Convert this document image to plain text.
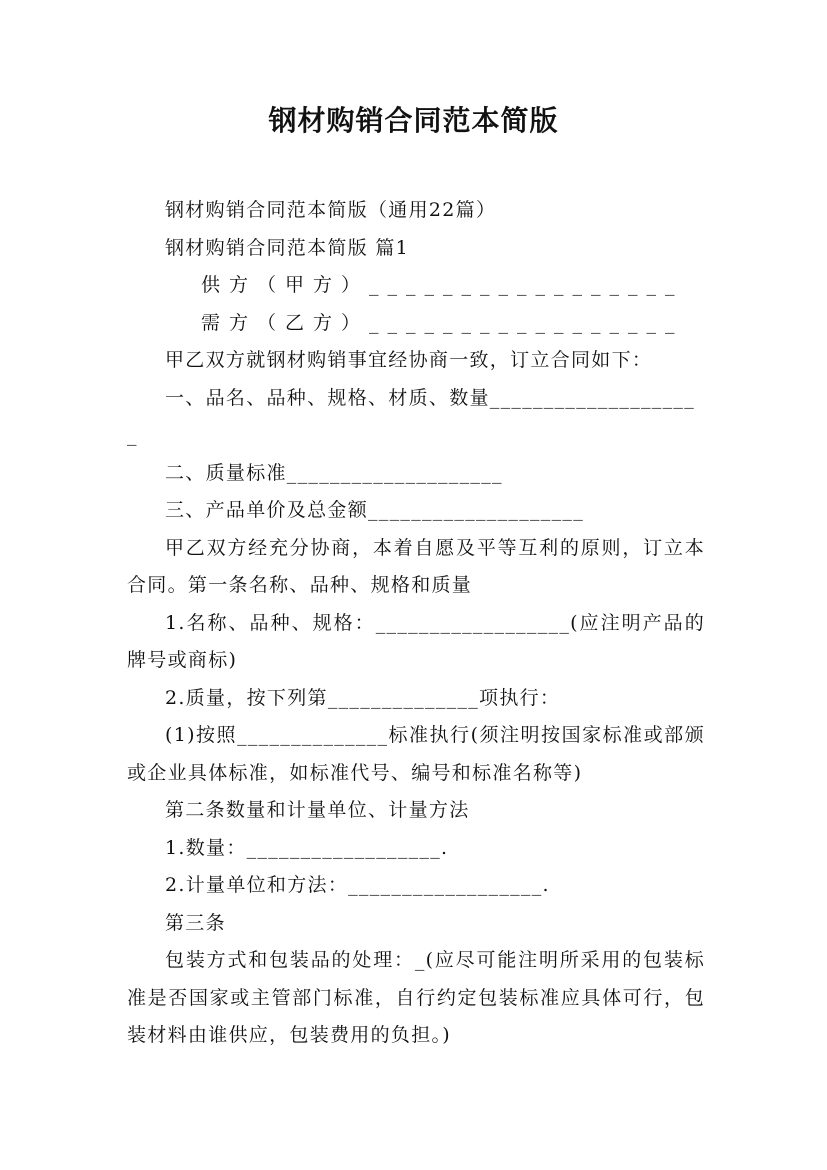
钢材购销合同范本简版

钢材购销合同范本简版（通用22篇）

钢材购销合同范本简版 篇1

供方（甲方）_________________ 需方（乙方）_________________

甲乙双方就钢材购销事宜经协商一致，订立合同如下：

一、品名、品种、规格、材质、数量____________________

二、质量标准____________________

三、产品单价及总金额____________________

甲乙双方经充分协商，本着自愿及平等互利的原则，订立本合同。第一条名称、品种、规格和质量

1.名称、品种、规格：__________________(应注明产品的牌号或商标)

2.质量，按下列第______________项执行：

(1)按照______________标准执行(须注明按国家标准或部颁或企业具体标准，如标准代号、编号和标准名称等)

第二条数量和计量单位、计量方法

1.数量：__________________.

2.计量单位和方法：__________________.

第三条

包装方式和包装品的处理：_(应尽可能注明所采用的包装标准是否国家或主管部门标准，自行约定包装标准应具体可行，包装材料由谁供应，包装费用的负担。)
